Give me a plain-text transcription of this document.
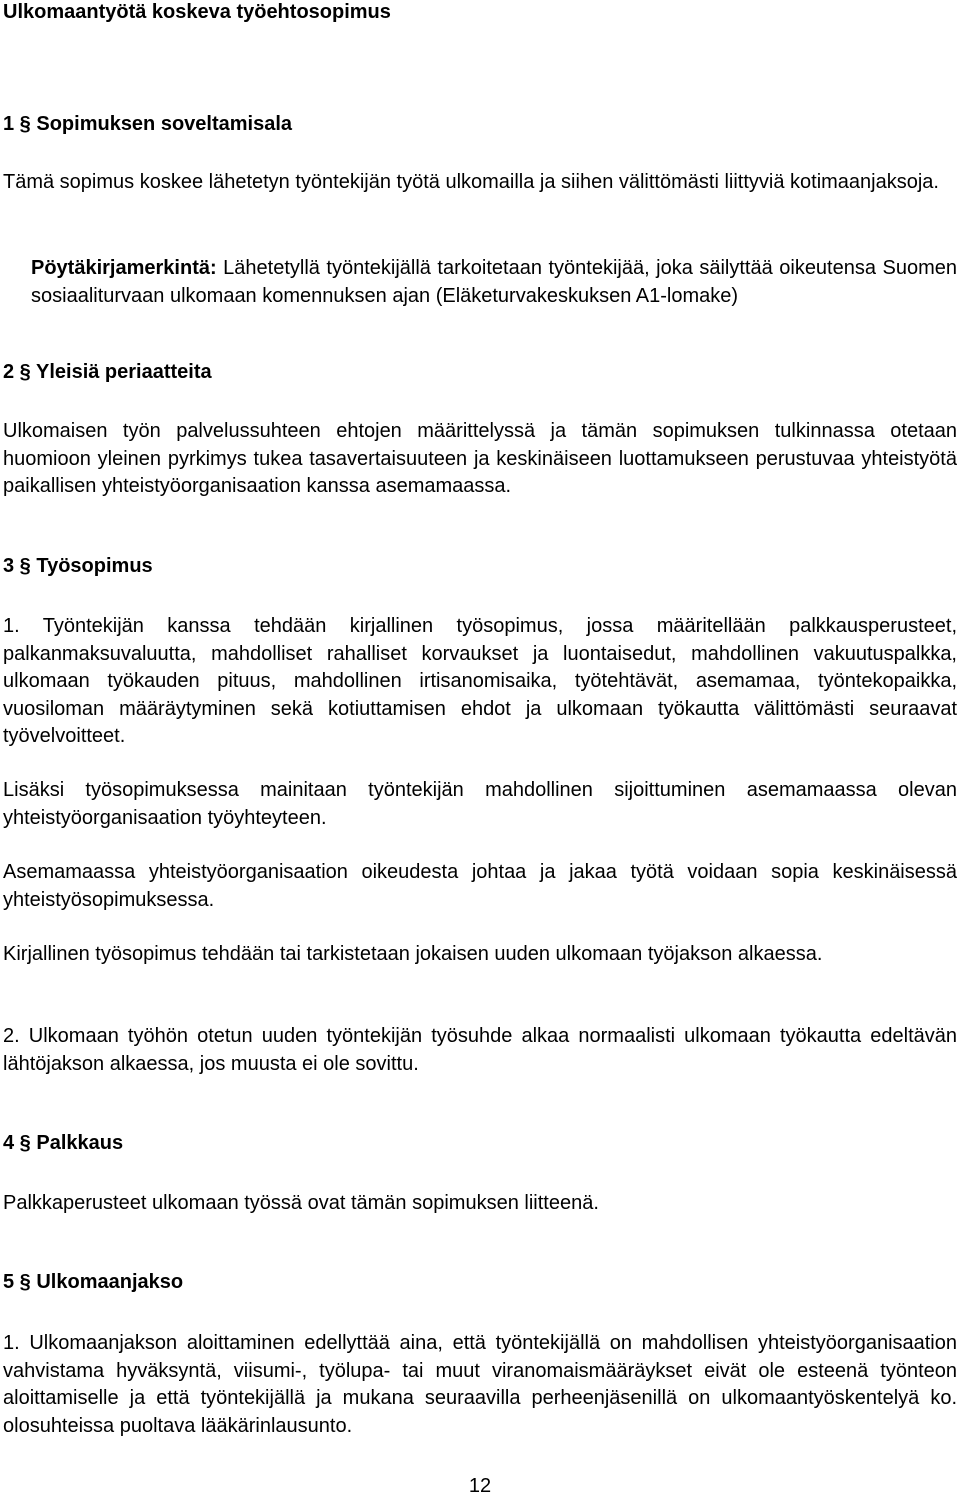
Ulkomaantyötä koskeva työehtosopimus
1 § Sopimuksen soveltamisala

Tämä sopimus koskee lähetetyn työntekijän työtä ulkomailla ja siihen välittömästi liittyviä kotimaanjaksoja.

Pöytäkirjamerkintä: Lähetetyllä työntekijällä tarkoitetaan työntekijää, joka säilyttää oikeutensa Suomen sosiaaliturvaan ulkomaan komennuksen ajan (Eläketurvakeskuksen A1-lomake)

2 § Yleisiä periaatteita

Ulkomaisen työn palvelussuhteen ehtojen määrittelyssä ja tämän sopimuksen tulkinnassa otetaan huomioon yleinen pyrkimys tukea tasavertaisuuteen ja keskinäiseen luottamukseen perustuvaa yhteistyötä paikallisen yhteistyöorganisaation kanssa asemamaassa.

3 § Työsopimus

1. Työntekijän kanssa tehdään kirjallinen työsopimus, jossa määritellään palkkausperusteet, palkanmaksuvaluutta, mahdolliset rahalliset korvaukset ja luontaisedut, mahdollinen vakuutuspalkka, ulkomaan työkauden pituus, mahdollinen irtisanomisaika, työtehtävät, asemamaa, työntekopaikka, vuosiloman määräytyminen sekä kotiuttamisen ehdot ja ulkomaan työkautta välittömästi seuraavat työvelvoitteet.

Lisäksi työsopimuksessa mainitaan työntekijän mahdollinen sijoittuminen asemamaassa olevan yhteistyöorganisaation työyhteyteen.

Asemamaassa yhteistyöorganisaation oikeudesta johtaa ja jakaa työtä voidaan sopia keskinäisessä yhteistyösopimuksessa.

Kirjallinen työsopimus tehdään tai tarkistetaan jokaisen uuden ulkomaan työjakson alkaessa.

2. Ulkomaan työhön otetun uuden työntekijän työsuhde alkaa normaalisti ulkomaan työkautta edeltävän lähtöjakson alkaessa, jos muusta ei ole sovittu.

4 § Palkkaus

Palkkaperusteet ulkomaan työssä ovat tämän sopimuksen liitteenä.

5 § Ulkomaanjakso

1. Ulkomaanjakson aloittaminen edellyttää aina, että työntekijällä on mahdollisen yhteistyöorganisaation vahvistama hyväksyntä, viisumi-, työlupa- tai muut viranomaismääräykset eivät ole esteenä työnteon aloittamiselle ja että työntekijällä ja mukana seuraavilla perheenjäsenillä on ulkomaantyöskentelyä ko. olosuhteissa puoltava lääkärinlausunto.

12
